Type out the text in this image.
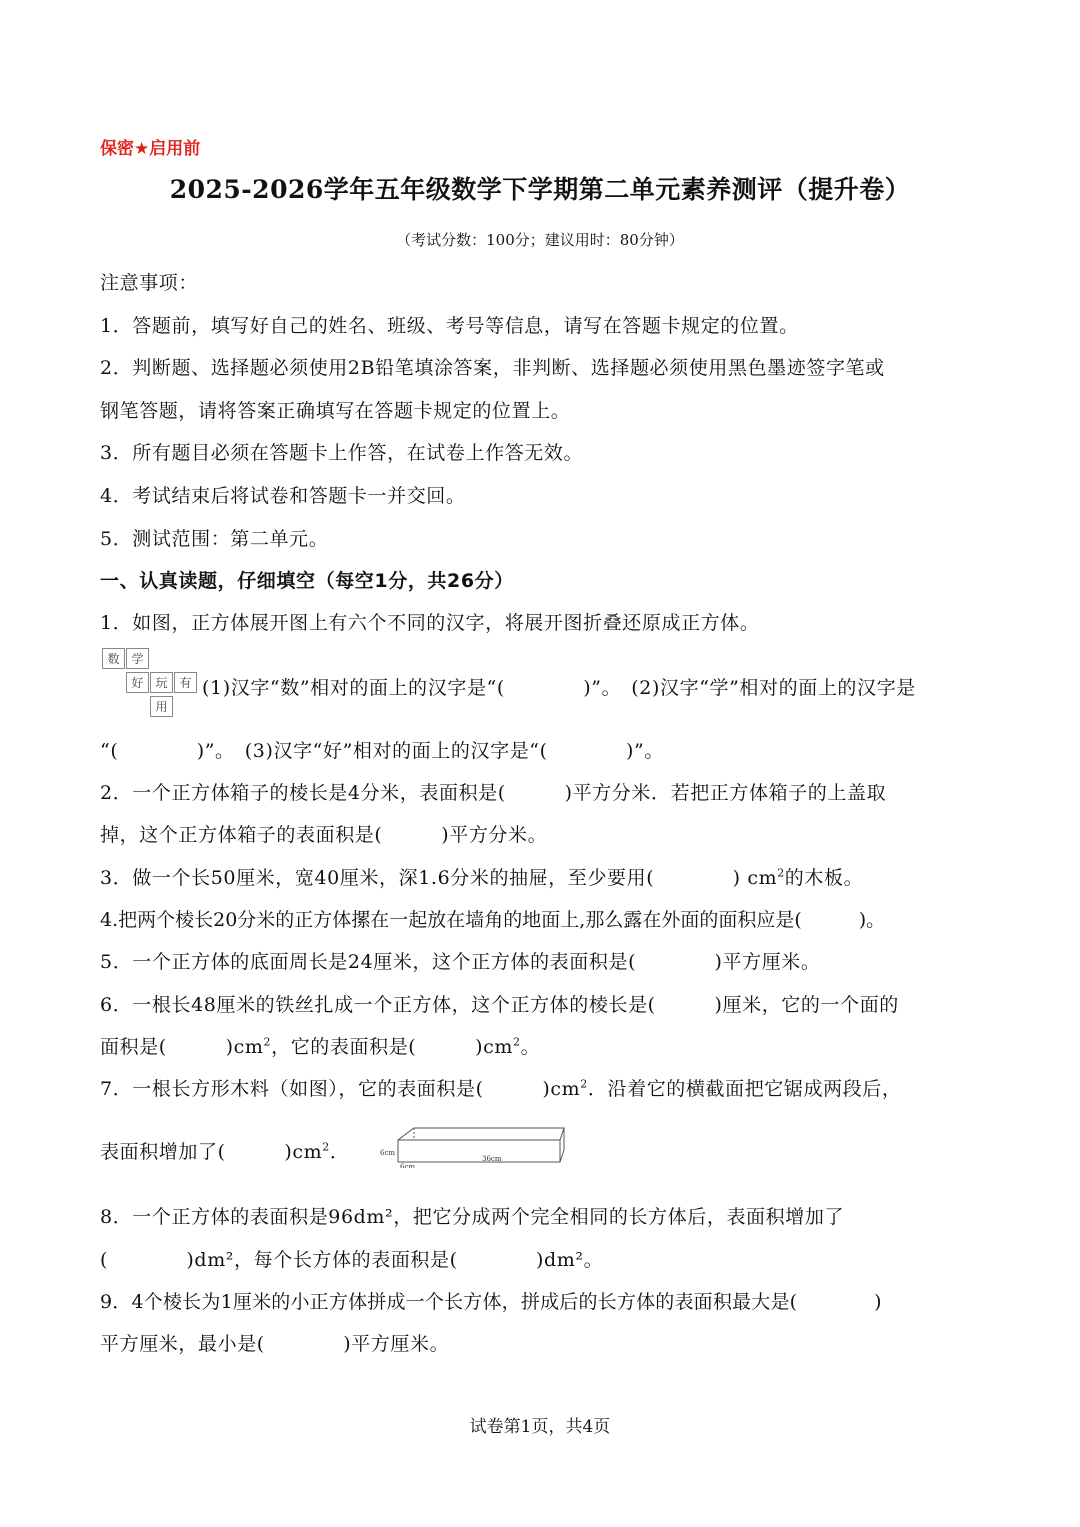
保密★启用前
2025-2026学年五年级数学下学期第二单元素养测评（提升卷）
（考试分数：100分；建议用时：80分钟）
注意事项：
1．答题前，填写好自己的姓名、班级、考号等信息，请写在答题卡规定的位置。
2．判断题、选择题必须使用2B铅笔填涂答案，非判断、选择题必须使用黑色墨迹签字笔或
钢笔答题，请将答案正确填写在答题卡规定的位置上。
3．所有题目必须在答题卡上作答，在试卷上作答无效。
4．考试结束后将试卷和答题卡一并交回。
5．测试范围：第二单元。
一、认真读题，仔细填空（每空1分，共26分）
1．如图，正方体展开图上有六个不同的汉字，将展开图折叠还原成正方体。
数 学
好 玩 有
用
(1)汉字“数”相对的面上的汉字是“(　　　　)”。　(2)汉字“学”相对的面上的汉字是
“(　　　　)”。　(3)汉字“好”相对的面上的汉字是“(　　　　)”。
2．一个正方体箱子的棱长是4分米，表面积是(　　　)平方分米．若把正方体箱子的上盖取
掉，这个正方体箱子的表面积是(　　　)平方分米。
3．做一个长50厘米，宽40厘米，深1.6分米的抽屉，至少要用(　　　　) $cm^2$的木板。
4.把两个棱长20分米的正方体摞在一起放在墙角的地面上,那么露在外面的面积应是(　　　)。
5．一个正方体的底面周长是24厘米，这个正方体的表面积是(　　　　)平方厘米。
6．一根长48厘米的铁丝扎成一个正方体，这个正方体的棱长是(　　　)厘米，它的一个面的
面积是(　　　)$cm^2$，它的表面积是(　　　)$cm^2$。
7．一根长方形木料（如图），它的表面积是(　　　)$cm^2$．沿着它的横截面把它锯成两段后，
表面积增加了(　　　)$cm^2$．	6cm
6cm
36cm
8．一个正方体的表面积是96dm²，把它分成两个完全相同的长方体后，表面积增加了
(　　　　)dm²，每个长方体的表面积是(　　　　)dm²。
9．4个棱长为1厘米的小正方体拼成一个长方体，拼成后的长方体的表面积最大是(　　　　)
平方厘米，最小是(　　　　)平方厘米。
试卷第1页，共4页
